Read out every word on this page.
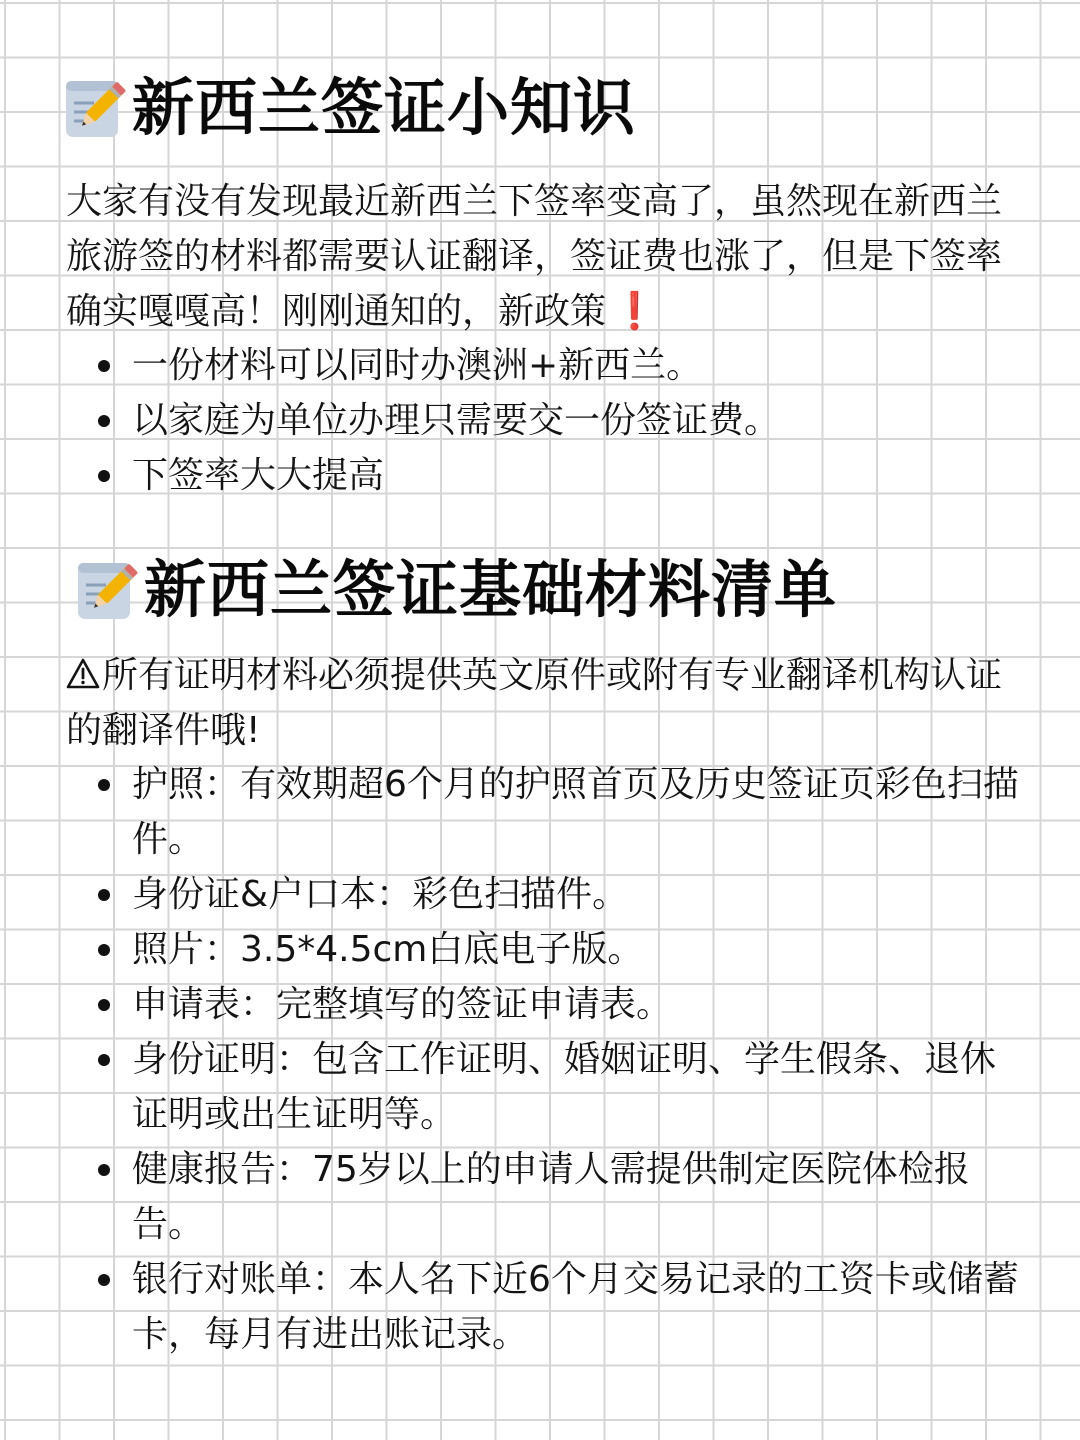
新西兰签证小知识
大家有没有发现最近新西兰下签率变高了，虽然现在新西兰旅游签的材料都需要认证翻译，签证费也涨了，但是下签率确实嘎嘎高！刚刚通知的，新政策 ❗
一份材料可以同时办澳洲+新西兰。
以家庭为单位办理只需要交一份签证费。
下签率大大提高
新西兰签证基础材料清单
所有证明材料必须提供英文原件或附有专业翻译机构认证的翻译件哦!
护照：有效期超6个月的护照首页及历史签证页彩色扫描件。
身份证&户口本：彩色扫描件。
照片：3.5*4.5cm白底电子版。
申请表：完整填写的签证申请表。
身份证明：包含工作证明、婚姻证明、学生假条、退休证明或出生证明等。
健康报告：75岁以上的申请人需提供制定医院体检报告。
银行对账单：本人名下近6个月交易记录的工资卡或储蓄卡，每月有进出账记录。
